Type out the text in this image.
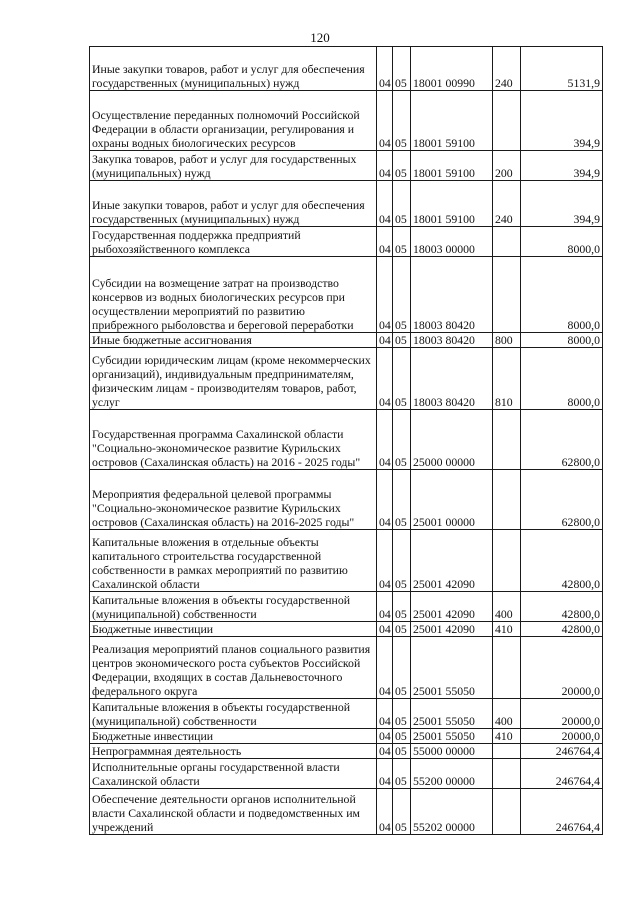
120
Иные закупки товаров, работ и услуг для обеспечения государственных (муниципальных) нужд	04	05	18001 00990	240	5131,9
Осуществление переданных полномочий Российской Федерации в области организации, регулирования и охраны водных биологических ресурсов	04	05	18001 59100		394,9
Закупка товаров, работ и услуг для государственных (муниципальных) нужд	04	05	18001 59100	200	394,9
Иные закупки товаров, работ и услуг для обеспечения государственных (муниципальных) нужд	04	05	18001 59100	240	394,9
Государственная поддержка предприятий рыбохозяйственного комплекса	04	05	18003 00000		8000,0
Субсидии на возмещение затрат на производство консервов из водных биологических ресурсов при осуществлении мероприятий по развитию прибрежного рыболовства и береговой переработки	04	05	18003 80420		8000,0
Иные бюджетные ассигнования	04	05	18003 80420	800	8000,0
Субсидии юридическим лицам (кроме некоммерческих организаций), индивидуальным предпринимателям, физическим лицам - производителям товаров, работ, услуг	04	05	18003 80420	810	8000,0
Государственная программа Сахалинской области "Социально-экономическое развитие Курильских островов (Сахалинская область) на 2016 - 2025 годы"	04	05	25000 00000		62800,0
Мероприятия федеральной целевой программы "Социально-экономическое развитие Курильских островов (Сахалинская область) на 2016-2025 годы"	04	05	25001 00000		62800,0
Капитальные вложения в отдельные объекты капитального строительства государственной собственности в рамках мероприятий по развитию Сахалинской области	04	05	25001 42090		42800,0
Капитальные вложения в объекты государственной (муниципальной) собственности	04	05	25001 42090	400	42800,0
Бюджетные инвестиции	04	05	25001 42090	410	42800,0
Реализация мероприятий планов социального развития центров экономического роста субъектов Российской Федерации, входящих в состав Дальневосточного федерального округа	04	05	25001 55050		20000,0
Капитальные вложения в объекты государственной (муниципальной) собственности	04	05	25001 55050	400	20000,0
Бюджетные инвестиции	04	05	25001 55050	410	20000,0
Непрограммная деятельность	04	05	55000 00000		246764,4
Исполнительные органы государственной власти Сахалинской области	04	05	55200 00000		246764,4
Обеспечение деятельности органов исполнительной власти Сахалинской области и подведомственных им учреждений	04	05	55202 00000		246764,4
